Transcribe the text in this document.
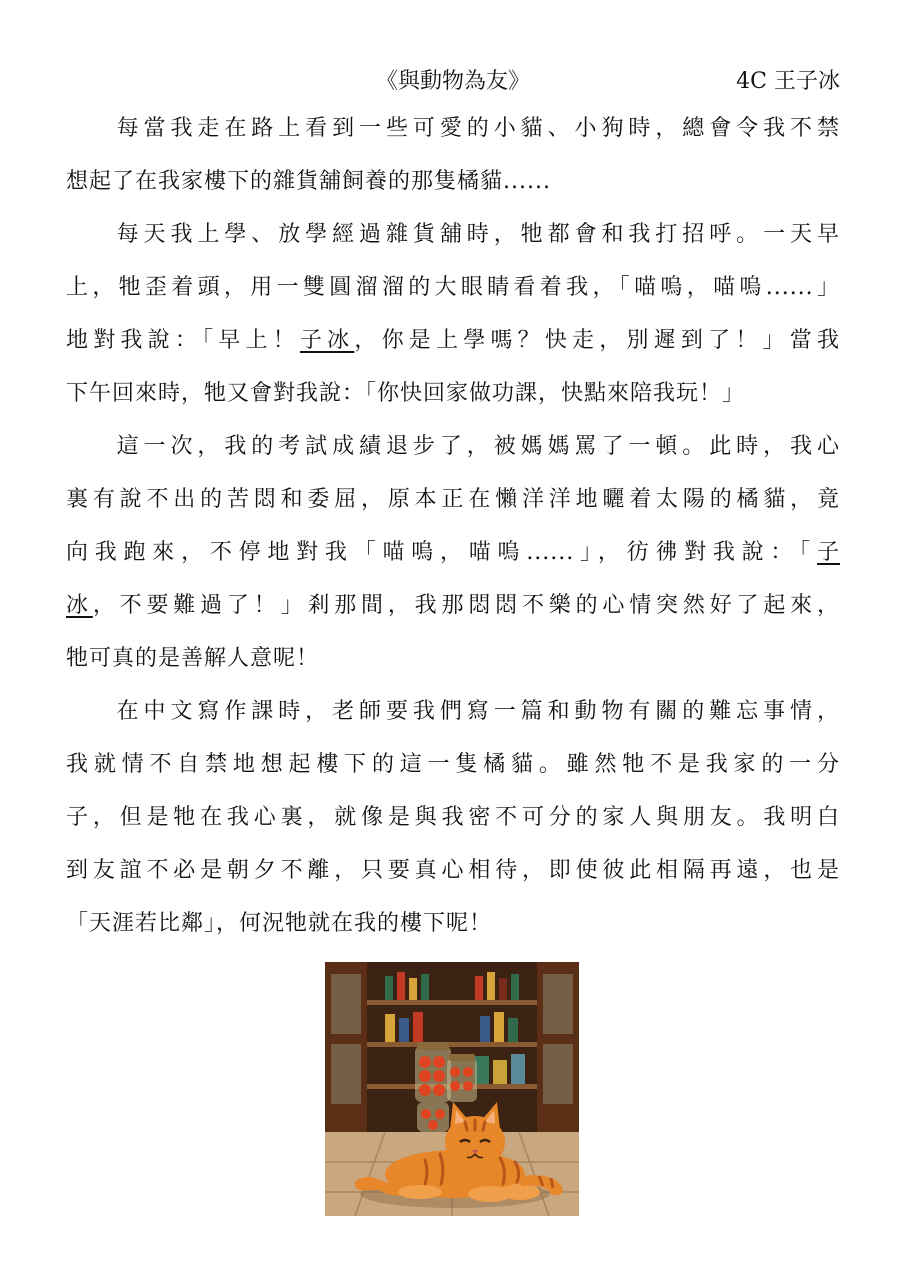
《與動物為友》	4C 王子冰

每當我走在路上看到一些可愛的小貓、小狗時，總會令我不禁
想起了在我家樓下的雜貨舖飼養的那隻橘貓......

每天我上學、放學經過雜貨舖時，牠都會和我打招呼。一天早
上，牠歪着頭，用一雙圓溜溜的大眼睛看着我，「喵嗚，喵嗚......」
地對我說：「早上！子冰，你是上學嗎？快走，別遲到了！」當我
下午回來時，牠又會對我說：「你快回家做功課，快點來陪我玩！」

這一次，我的考試成績退步了，被媽媽罵了一頓。此時，我心
裏有說不出的苦悶和委屈，原本正在懶洋洋地曬着太陽的橘貓，竟
向我跑來，不停地對我「喵嗚，喵嗚......」，彷彿對我說：「子
冰，不要難過了！」剎那間，我那悶悶不樂的心情突然好了起來，
牠可真的是善解人意呢！

在中文寫作課時，老師要我們寫一篇和動物有關的難忘事情，
我就情不自禁地想起樓下的這一隻橘貓。雖然牠不是我家的一分
子，但是牠在我心裏，就像是與我密不可分的家人與朋友。我明白
到友誼不必是朝夕不離，只要真心相待，即使彼此相隔再遠，也是
「天涯若比鄰」，何況牠就在我的樓下呢！
